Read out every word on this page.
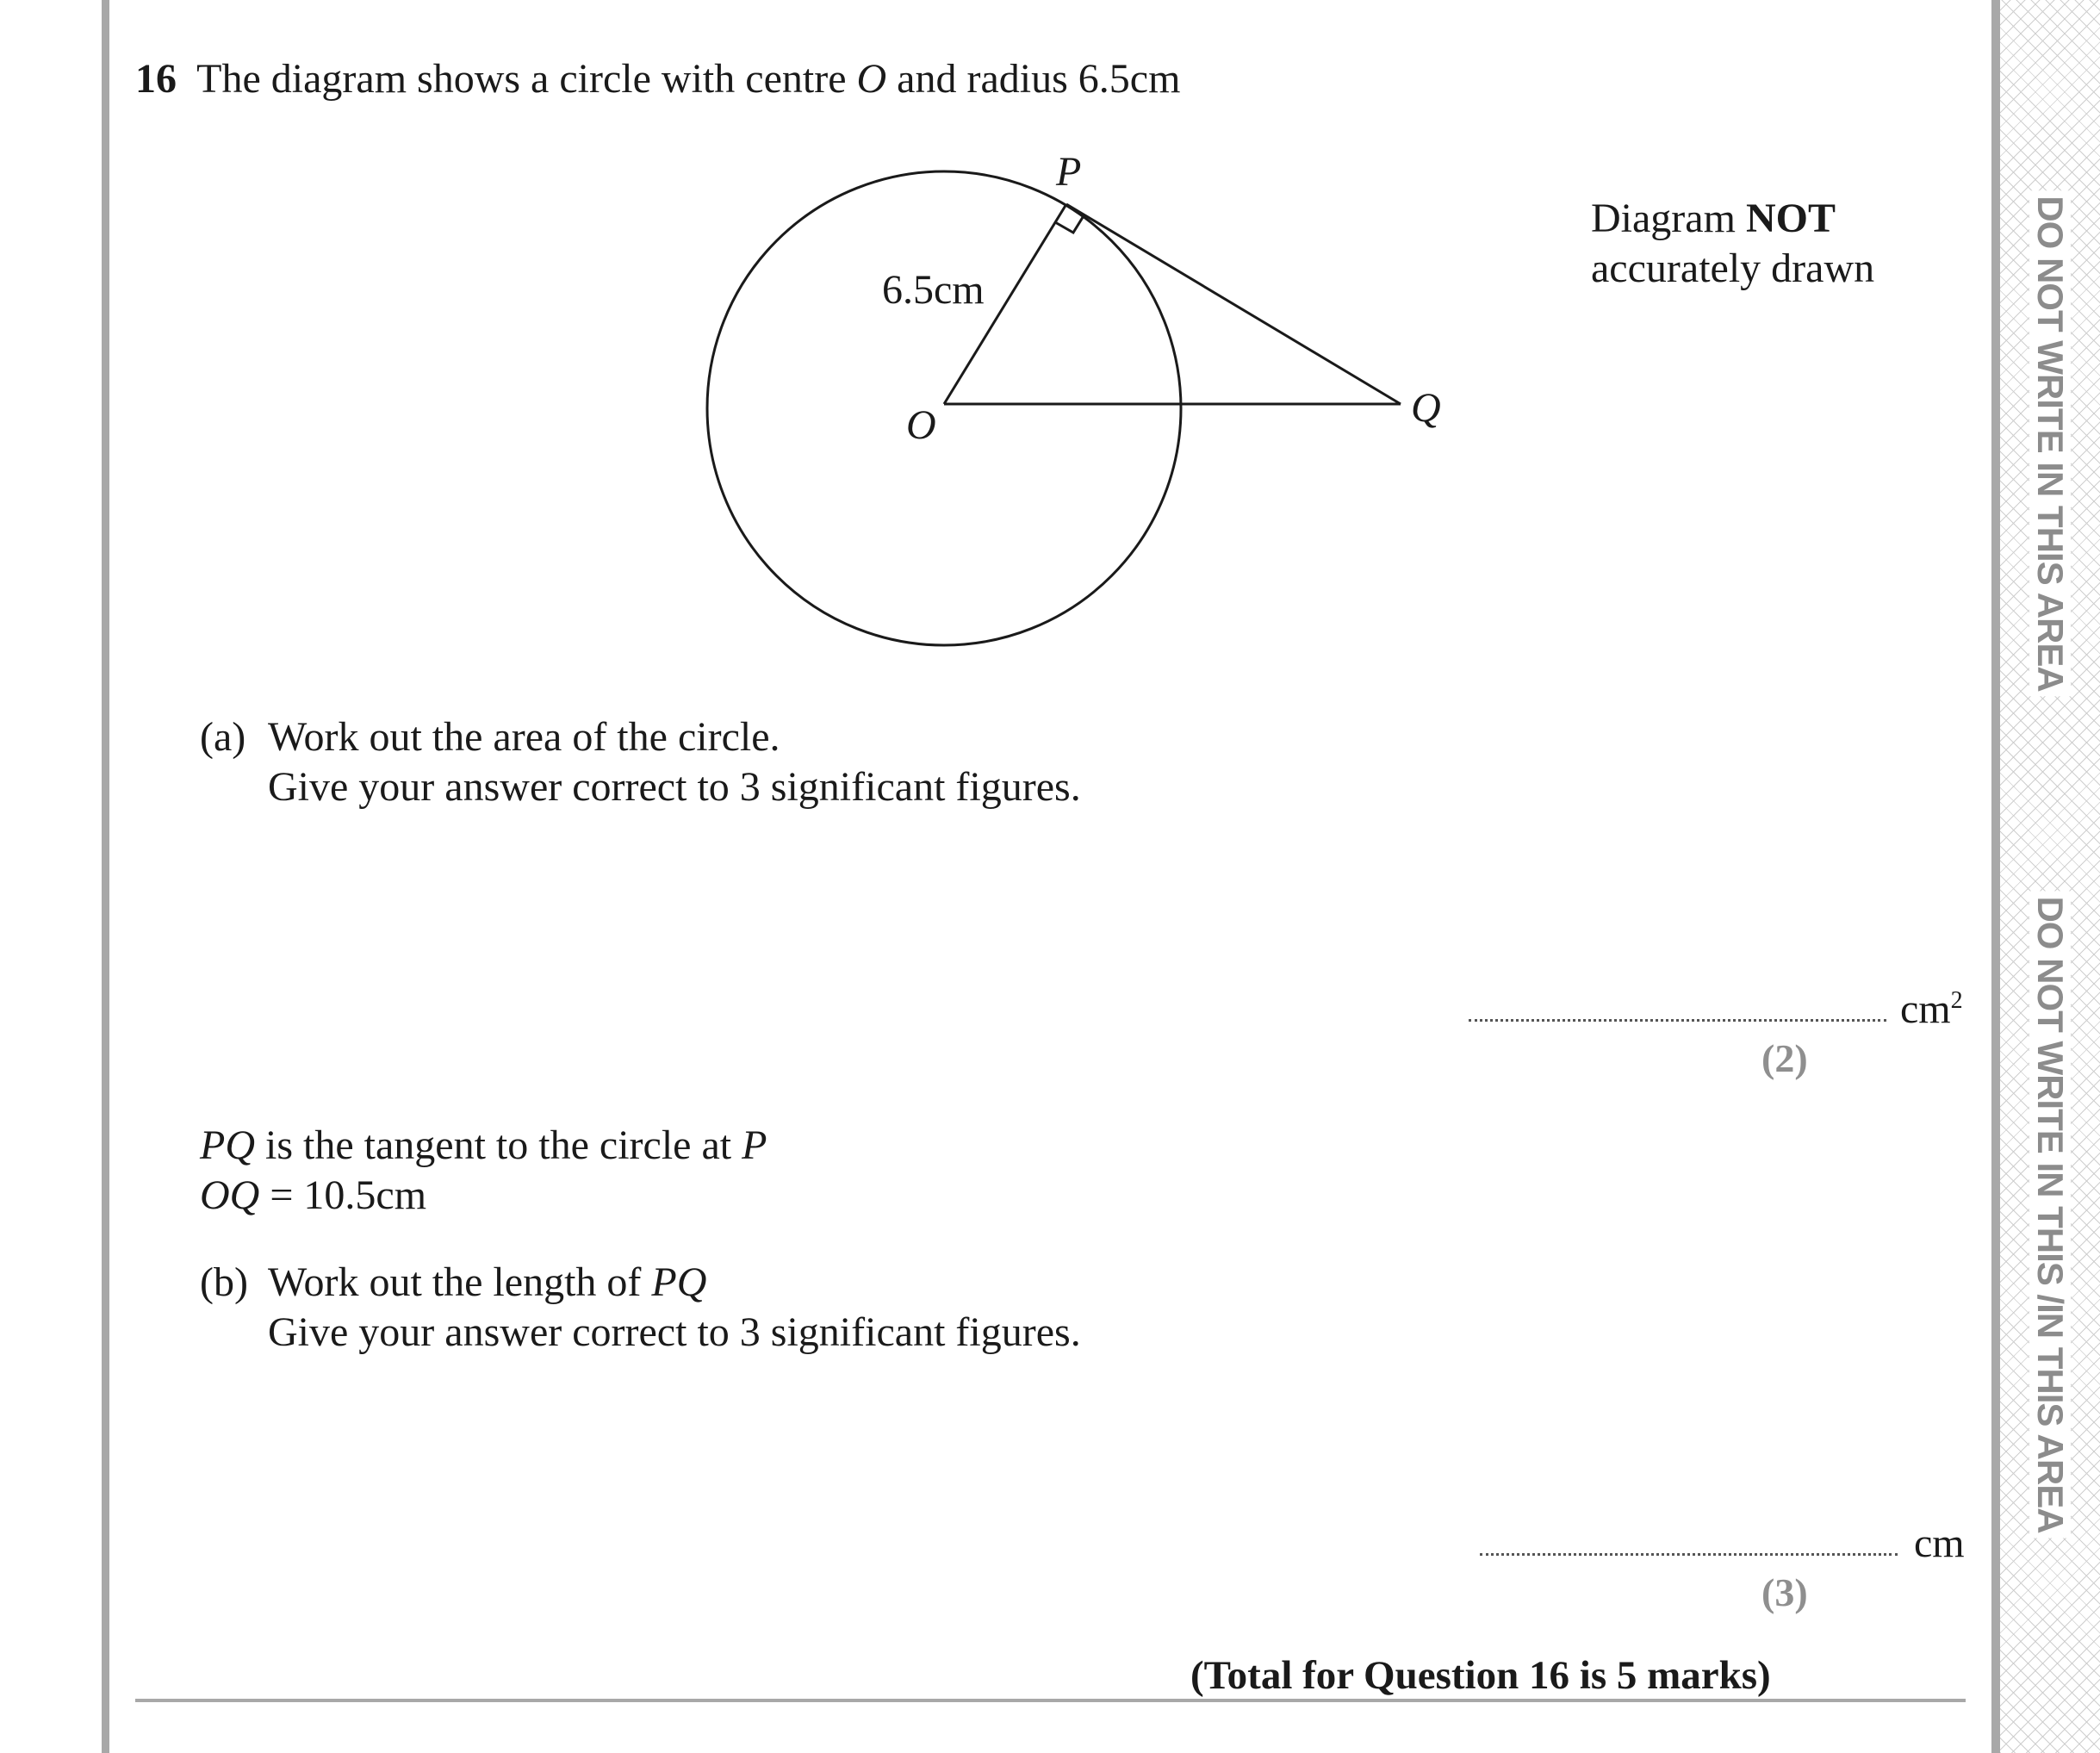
DO NOT WRITE IN THIS AREA
DO NOT WRITE IN THIS /IN THIS AREA
16 The diagram shows a circle with centre O and radius 6.5cm
P
O	Q
6.5cm
Diagram NOT
accurately drawn
(a) Work out the area of the circle.
Give your answer correct to 3 significant figures.
$cm^2$
(2)
PQ is the tangent to the circle at P
OQ = 10.5cm
(b) Work out the length of PQ
Give your answer correct to 3 significant figures.
cm
(3)
(Total for Question 16 is 5 marks)
